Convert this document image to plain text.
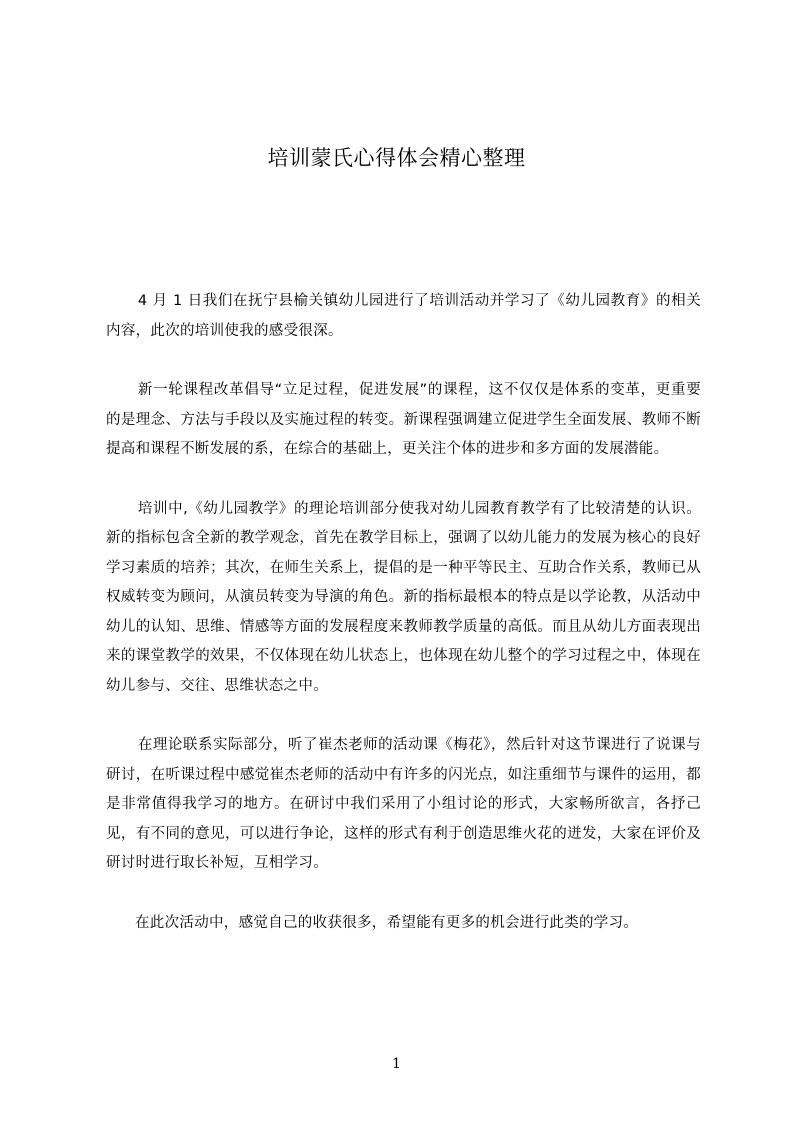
培训蒙氏心得体会精心整理

4 月 1 日我们在抚宁县榆关镇幼儿园进行了培训活动并学习了《幼儿园教育》的相关内容，此次的培训使我的感受很深。

新一轮课程改革倡导“立足过程，促进发展”的课程，这不仅仅是体系的变革，更重要的是理念、方法与手段以及实施过程的转变。新课程强调建立促进学生全面发展、教师不断提高和课程不断发展的系，在综合的基础上，更关注个体的进步和多方面的发展潜能。

培训中,《幼儿园教学》的理论培训部分使我对幼儿园教育教学有了比较清楚的认识。新的指标包含全新的教学观念，首先在教学目标上，强调了以幼儿能力的发展为核心的良好学习素质的培养；其次，在师生关系上，提倡的是一种平等民主、互助合作关系，教师已从权威转变为顾问，从演员转变为导演的角色。新的指标最根本的特点是以学论教，从活动中幼儿的认知、思维、情感等方面的发展程度来教师教学质量的高低。而且从幼儿方面表现出来的课堂教学的效果，不仅体现在幼儿状态上，也体现在幼儿整个的学习过程之中，体现在幼儿参与、交往、思维状态之中。

在理论联系实际部分，听了崔杰老师的活动课《梅花》，然后针对这节课进行了说课与研讨，在听课过程中感觉崔杰老师的活动中有许多的闪光点，如注重细节与课件的运用，都是非常值得我学习的地方。在研讨中我们采用了小组讨论的形式，大家畅所欲言，各抒己见，有不同的意见，可以进行争论，这样的形式有利于创造思维火花的迸发，大家在评价及研讨时进行取长补短，互相学习。

在此次活动中，感觉自己的收获很多，希望能有更多的机会进行此类的学习。

1
